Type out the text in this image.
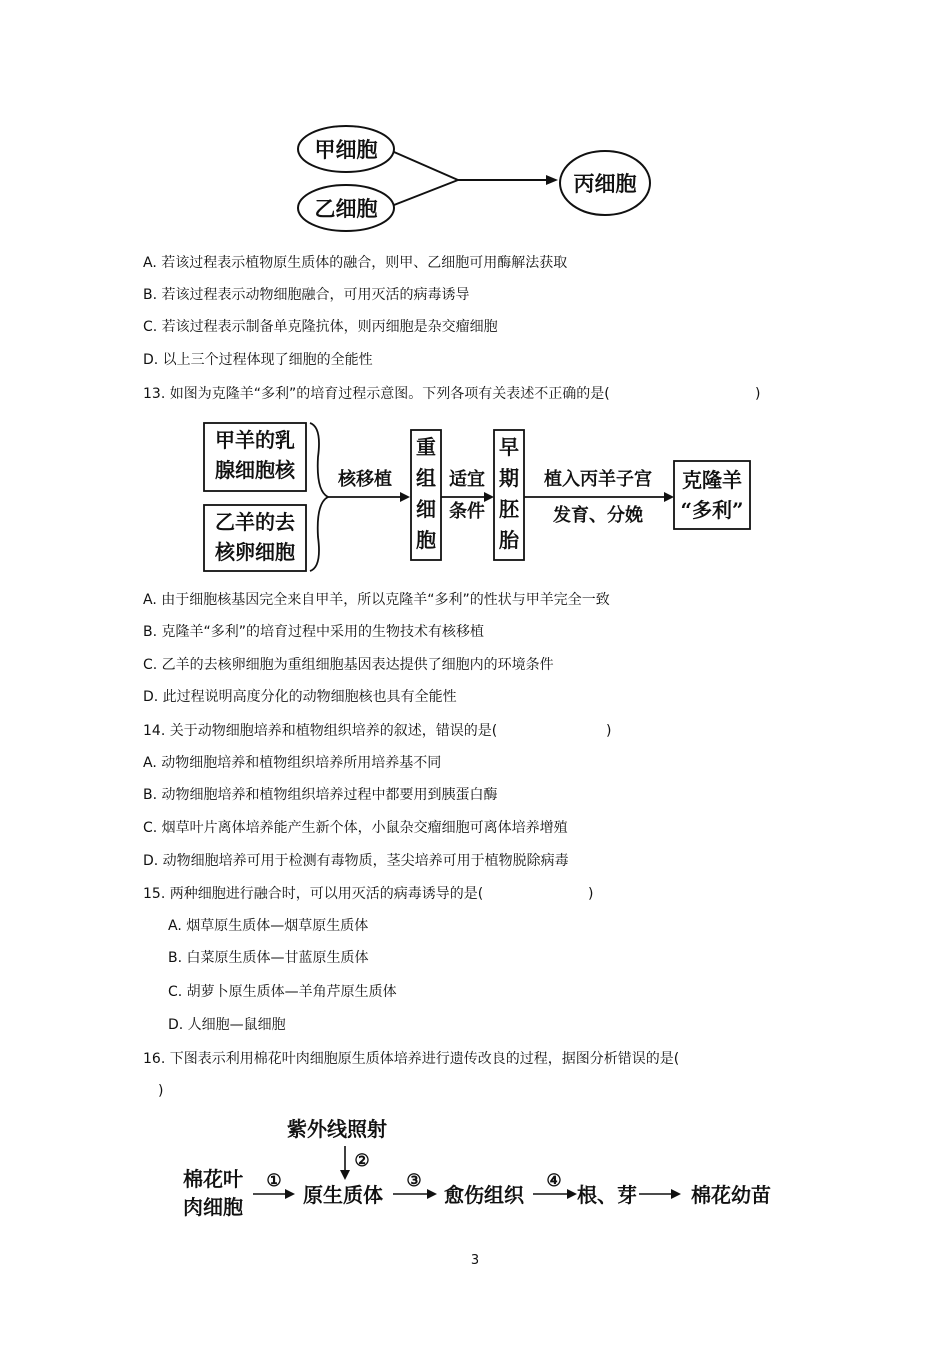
甲细胞
乙细胞
丙细胞
A. 若该过程表示植物原生质体的融合，则甲、乙细胞可用酶解法获取
B. 若该过程表示动物细胞融合，可用灭活的病毒诱导
C. 若该过程表示制备单克隆抗体，则丙细胞是杂交瘤细胞
D. 以上三个过程体现了细胞的全能性
13. 如图为克隆羊“多利”的培育过程示意图。下列各项有关表述不正确的是(	)
甲羊的乳
腺细胞核
乙羊的去
核卵细胞
核移植
重
组
细
胞
适宜
条件
早
期
胚
胎
植入丙羊子宫
发育、分娩
克隆羊
“多利”
A. 由于细胞核基因完全来自甲羊，所以克隆羊“多利”的性状与甲羊完全一致
B. 克隆羊“多利”的培育过程中采用的生物技术有核移植
C. 乙羊的去核卵细胞为重组细胞基因表达提供了细胞内的环境条件
D. 此过程说明高度分化的动物细胞核也具有全能性
14. 关于动物细胞培养和植物组织培养的叙述，错误的是(	)
A. 动物细胞培养和植物组织培养所用培养基不同
B. 动物细胞培养和植物组织培养过程中都要用到胰蛋白酶
C. 烟草叶片离体培养能产生新个体，小鼠杂交瘤细胞可离体培养增殖
D. 动物细胞培养可用于检测有毒物质，茎尖培养可用于植物脱除病毒
15. 两种细胞进行融合时，可以用灭活的病毒诱导的是(	)
A. 烟草原生质体—烟草原生质体
B. 白菜原生质体—甘蓝原生质体
C. 胡萝卜原生质体—羊角芹原生质体
D. 人细胞—鼠细胞
16. 下图表示利用棉花叶肉细胞原生质体培养进行遗传改良的过程，据图分析错误的是(
)
紫外线照射
②
棉花叶
肉细胞
①
原生质体
③
愈伤组织
④
根、芽	棉花幼苗
3
